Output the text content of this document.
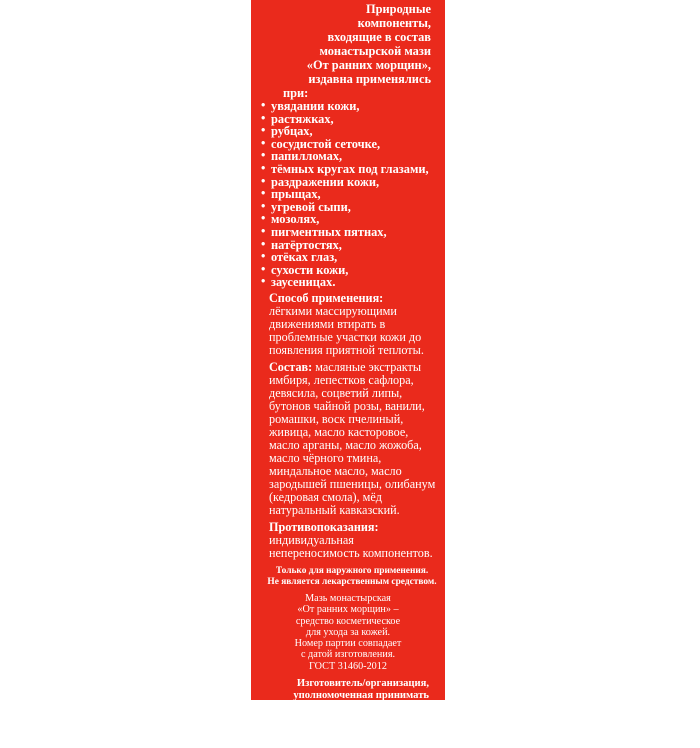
Природные
компоненты,
входящие в состав
монастырской мази
«От ранних морщин»,
издавна применялись
при:

• увядании кожи,
• растяжках,
• рубцах,
• сосудистой сеточке,
• папилломах,
• тёмных кругах под глазами,
• раздражении кожи,
• прыщах,
• угревой сыпи,
• мозолях,
• пигментных пятнах,
• натёртостях,
• отёках глаз,
• сухости кожи,
• заусеницах.
Способ применения:
лёгкими массирующими движениями втирать в проблемные участки кожи до появления приятной теплоты.
Состав: масляные экстракты имбиря, лепестков сафлора, девясила, соцветий липы, бутонов чайной розы, ванили, ромашки, воск пчелиный, живица, масло касторовое, масло арганы, масло жожоба, масло чёрного тмина, миндальное масло, масло зародышей пшеницы, олибанум (кедровая смола), мёд натуральный кавказский.
Противопоказания:
индивидуальная непереносимость компонентов.
Только для наружного применения.
Не является лекарственным средством.
Мазь монастырская
«От ранних морщин» –
средство косметическое
для ухода за кожей.
Номер партии совпадает
с датой изготовления.
ГОСТ 31460-2012
Изготовитель/организация,
уполномоченная принимать
претензии от потребителей:
ООО «Солнце», ooo-sun.ru,
Россия, г. Краснодар,
ул. Ставропольская 47/3.
